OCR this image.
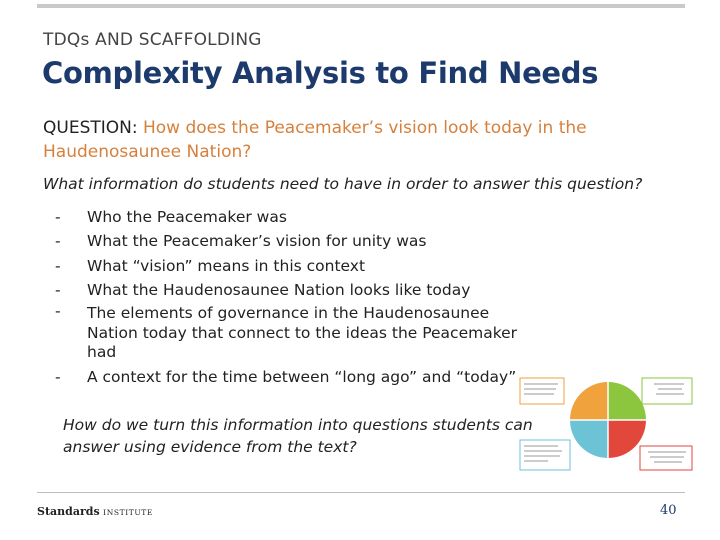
TDQs AND SCAFFOLDING
Complexity Analysis to Find Needs
QUESTION: How does the Peacemaker’s vision look today in the Haudenosaunee Nation?
What information do students need to have in order to answer this question?
-	Who the Peacemaker was
-	What the Peacemaker’s vision for unity was
-	What “vision” means in this context
-	What the Haudenosaunee Nation looks like today
-	The elements of governance in the Haudenosaunee Nation today that connect to the ideas the Peacemaker had
-	A context for the time between “long ago” and “today”
How do we turn this information into questions students can answer using evidence from the text?
Standards INSTITUTE	40
